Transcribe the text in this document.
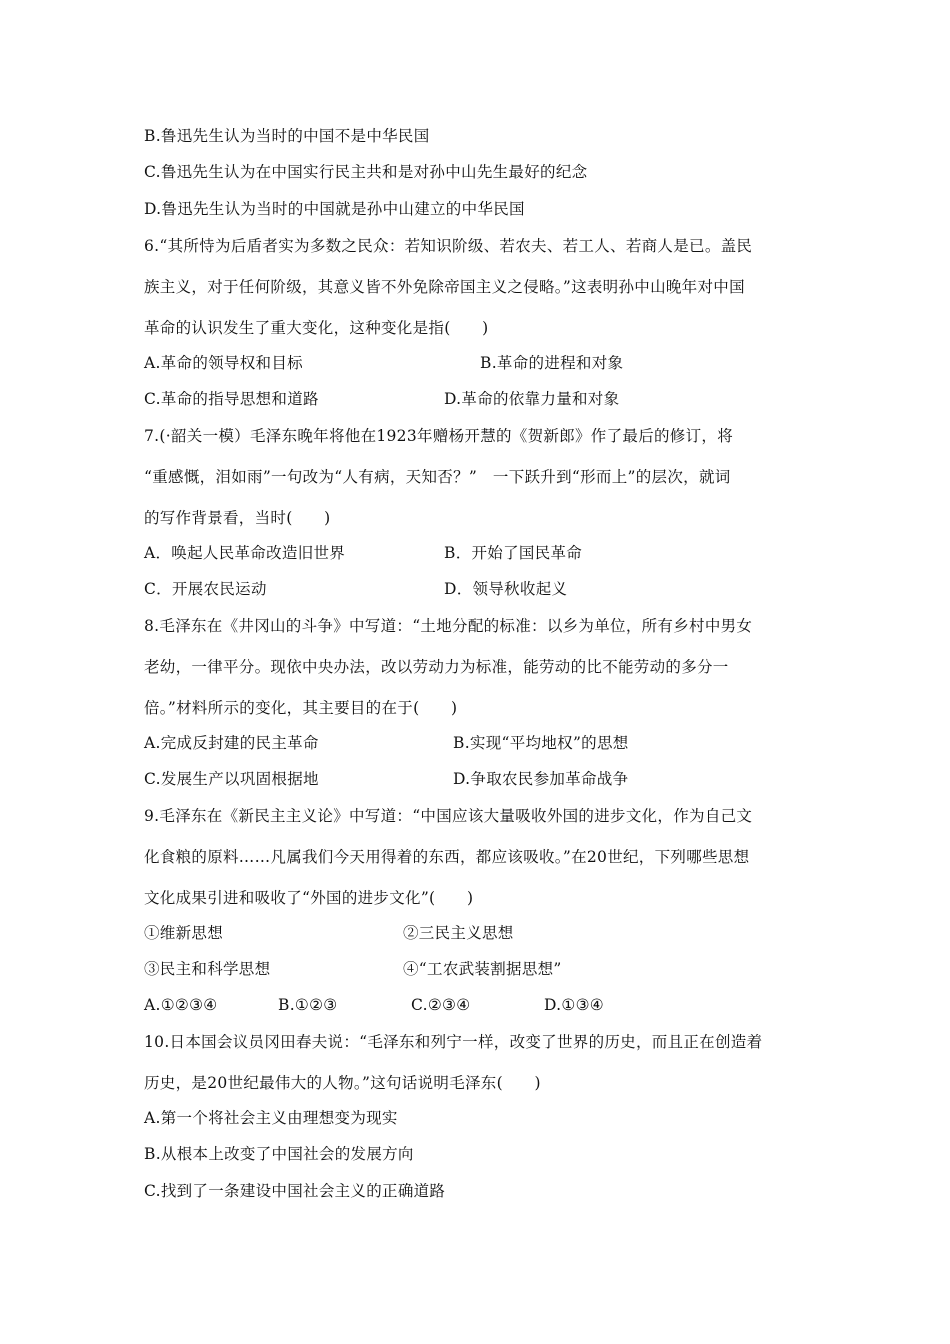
B.鲁迅先生认为当时的中国不是中华民国
C.鲁迅先生认为在中国实行民主共和是对孙中山先生最好的纪念
D.鲁迅先生认为当时的中国就是孙中山建立的中华民国
6.“其所恃为后盾者实为多数之民众：若知识阶级、若农夫、若工人、若商人是已。盖民
族主义，对于任何阶级，其意义皆不外免除帝国主义之侵略。”这表明孙中山晚年对中国
革命的认识发生了重大变化，这种变化是指(　　)
A.革命的领导权和目标	B.革命的进程和对象
C.革命的指导思想和道路	D.革命的依靠力量和对象
7.(·韶关一模）毛泽东晚年将他在1923年赠杨开慧的《贺新郎》作了最后的修订，将
“重感慨，泪如雨”一句改为“人有病，天知否？”　一下跃升到“形而上”的层次，就词
的写作背景看，当时(　　)
A．唤起人民革命改造旧世界	B．开始了国民革命
C．开展农民运动	D．领导秋收起义
8.毛泽东在《井冈山的斗争》中写道：“土地分配的标准：以乡为单位，所有乡村中男女
老幼，一律平分。现依中央办法，改以劳动力为标准，能劳动的比不能劳动的多分一
倍。”材料所示的变化，其主要目的在于(　　)
A.完成反封建的民主革命	B.实现“平均地权”的思想
C.发展生产以巩固根据地	D.争取农民参加革命战争
9.毛泽东在《新民主主义论》中写道：“中国应该大量吸收外国的进步文化，作为自己文
化食粮的原料……凡属我们今天用得着的东西，都应该吸收。”在20世纪，下列哪些思想
文化成果引进和吸收了“外国的进步文化”(　　)
①维新思想	②三民主义思想
③民主和科学思想	④“工农武装割据思想”
A.①②③④	B.①②③	C.②③④	D.①③④
10.日本国会议员冈田春夫说：“毛泽东和列宁一样，改变了世界的历史，而且正在创造着
历史，是20世纪最伟大的人物。”这句话说明毛泽东(　　)
A.第一个将社会主义由理想变为现实
B.从根本上改变了中国社会的发展方向
C.找到了一条建设中国社会主义的正确道路
